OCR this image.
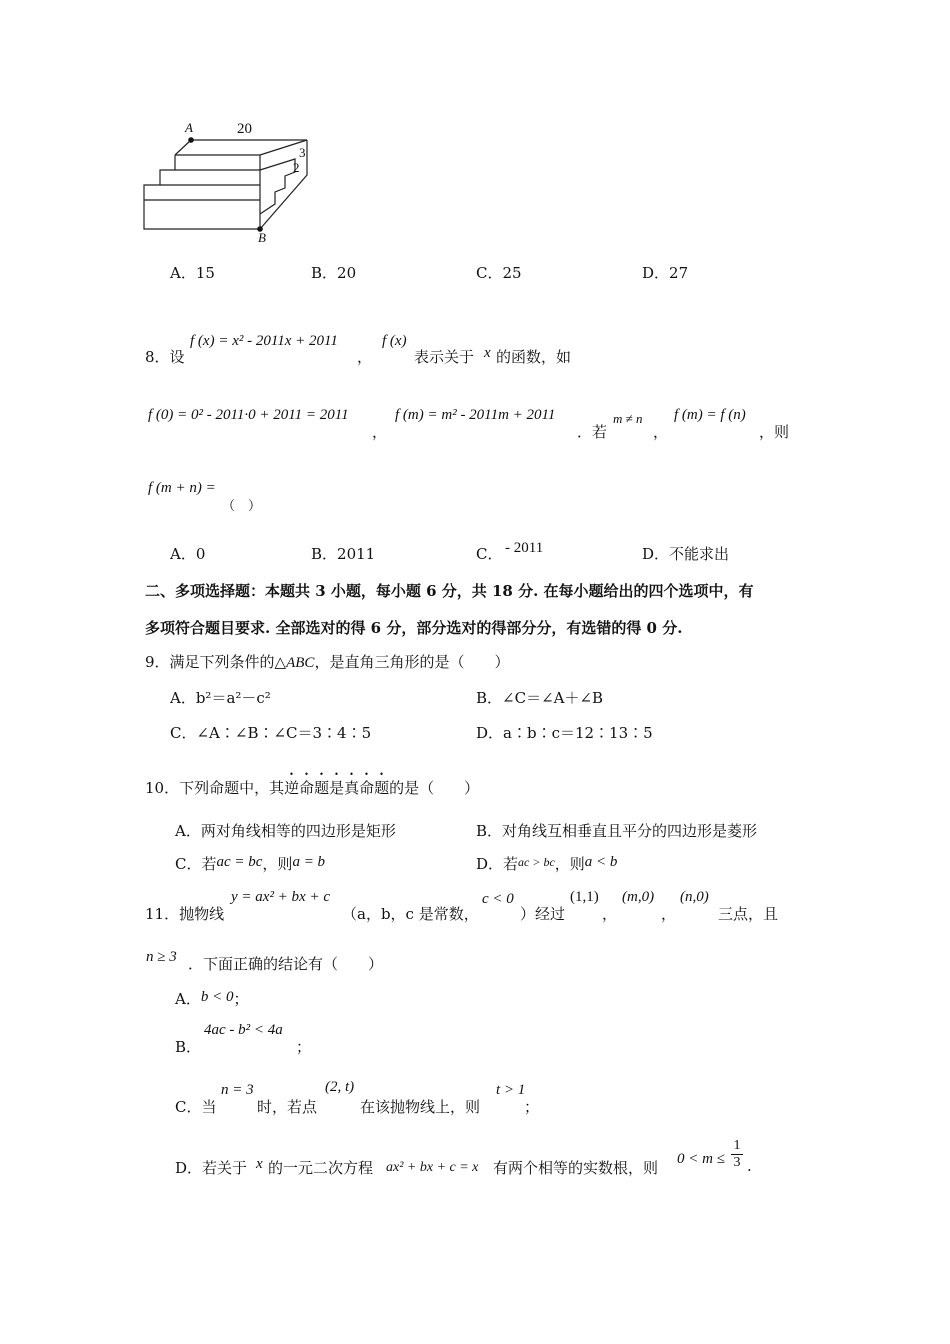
A	20
3
2
B
A．15	B．20	C．25	D．27
8．设
f (x) = x² - 2011x + 2011
，
f (x)
表示关于 x 的函数，如
f (0) = 0² - 2011·0 + 2011 = 2011
，
f (m) = m² - 2011m + 2011
．若
m ≠ n
，
f (m) = f (n)
，则
f (m + n) =
（　）
A．0	B．2011	C． - 2011	D．不能求出
二、多项选择题：本题共 3 小题，每小题 6 分，共 18 分. 在每小题给出的四个选项中，有
多项符合题目要求. 全部选对的得 6 分，部分选对的得部分分，有选错的得 0 分.
9．满足下列条件的△ABC，是直角三角形的是（　　）
A．b²＝a²－c²	B．∠C＝∠A＋∠B
C．∠A∶∠B∶∠C＝3∶4∶5	D．a∶b∶c＝12∶13∶5
10．下列命题中，其逆命题是真命题的是（　　）
A．两对角线相等的四边形是矩形	B．对角线互相垂直且平分的四边形是菱形
C．若ac = bc，则a = b	D．若$^{ac > bc}$，则a < b
11．抛物线
y = ax² + bx + c
（a，b，c 是常数，
c < 0
）经过
(1,1)
，
(m,0)
，
(n,0)
三点，且
n ≥ 3 ．下面正确的结论有（　　）
A．b < 0；
B．
4ac - b² < 4a
；
C．当
n = 3
时，若点
(2, t)
在该抛物线上，则
t > 1
；
D．若关于 x 的一元二次方程 ax² + bx + c = x 有两个相等的实数根，则 0 < m ≤
1
3 .
